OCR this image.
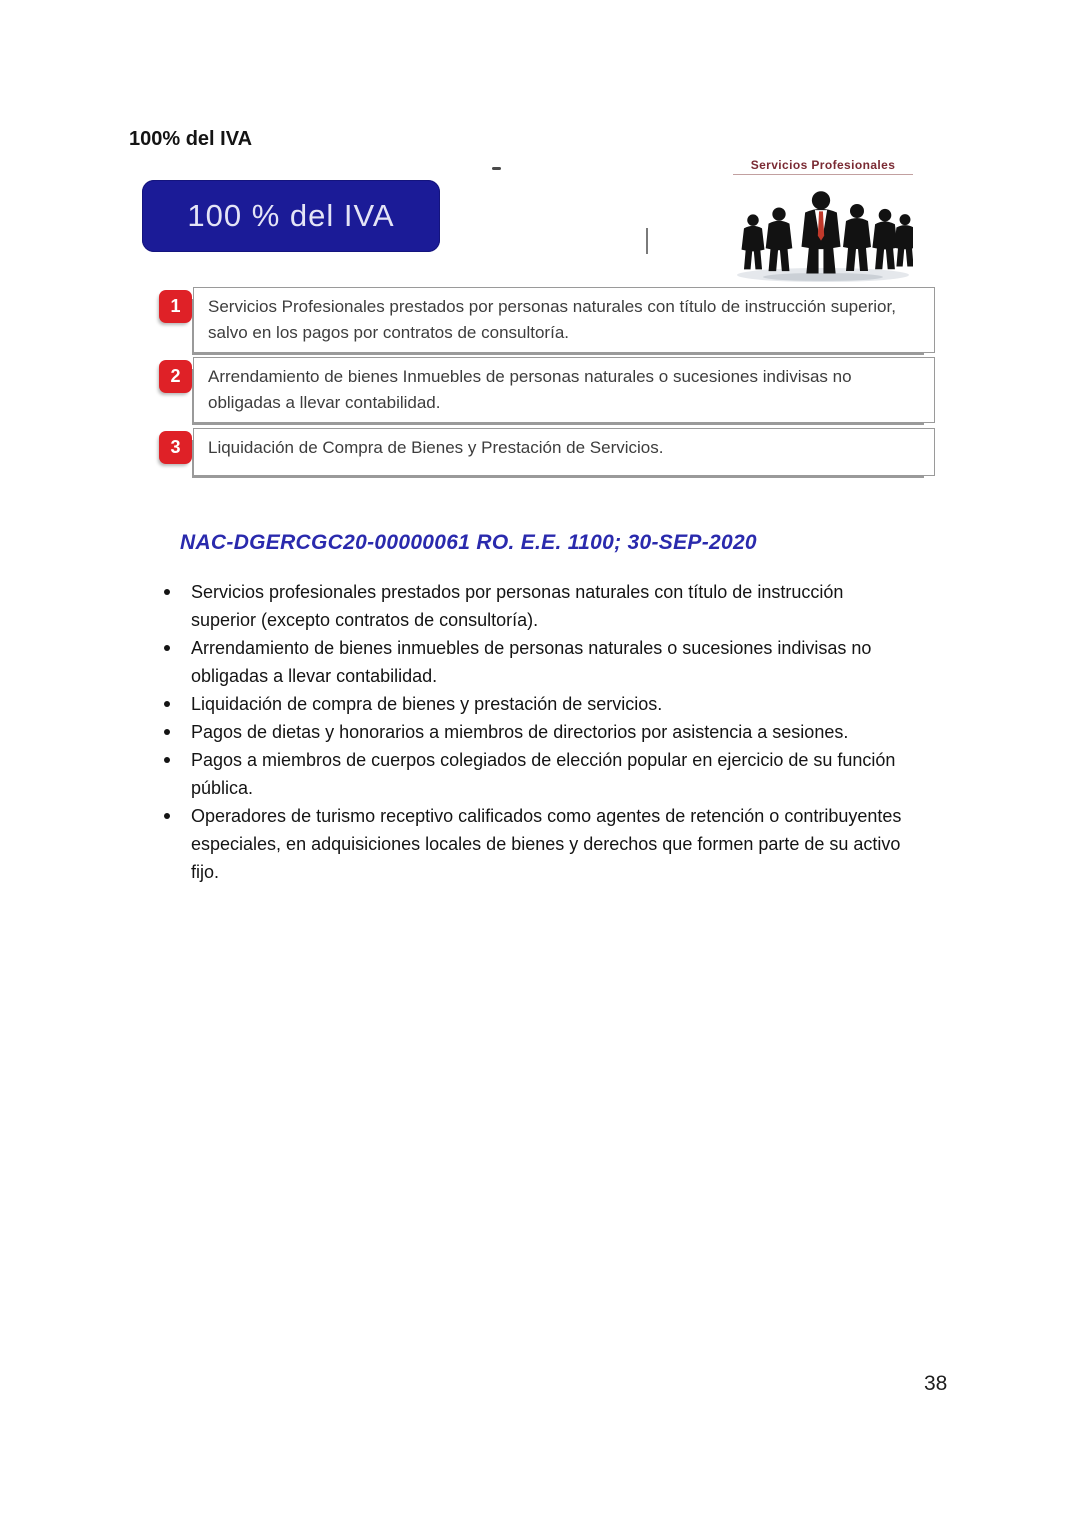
100% del IVA
100 % del IVA
Servicios Profesionales
1	Servicios Profesionales prestados por personas naturales con título de instrucción superior, salvo en los pagos por contratos de consultoría.
2	Arrendamiento de bienes Inmuebles de personas naturales o sucesiones indivisas no obligadas a llevar contabilidad.
3	Liquidación de Compra de Bienes y Prestación de Servicios.
NAC-DGERCGC20-00000061 RO. E.E. 1100; 30-SEP-2020
Servicios profesionales prestados por personas naturales con título de instrucción superior (excepto contratos de consultoría).
Arrendamiento de bienes inmuebles de personas naturales o sucesiones indivisas no obligadas a llevar contabilidad.
Liquidación de compra de bienes y prestación de servicios.
Pagos de dietas y honorarios a miembros de directorios por asistencia a sesiones.
Pagos a miembros de cuerpos colegiados de elección popular en ejercicio de su función pública.
Operadores de turismo receptivo calificados como agentes de retención o contribuyentes especiales, en adquisiciones locales de bienes y derechos que formen parte de su activo fijo.
38
